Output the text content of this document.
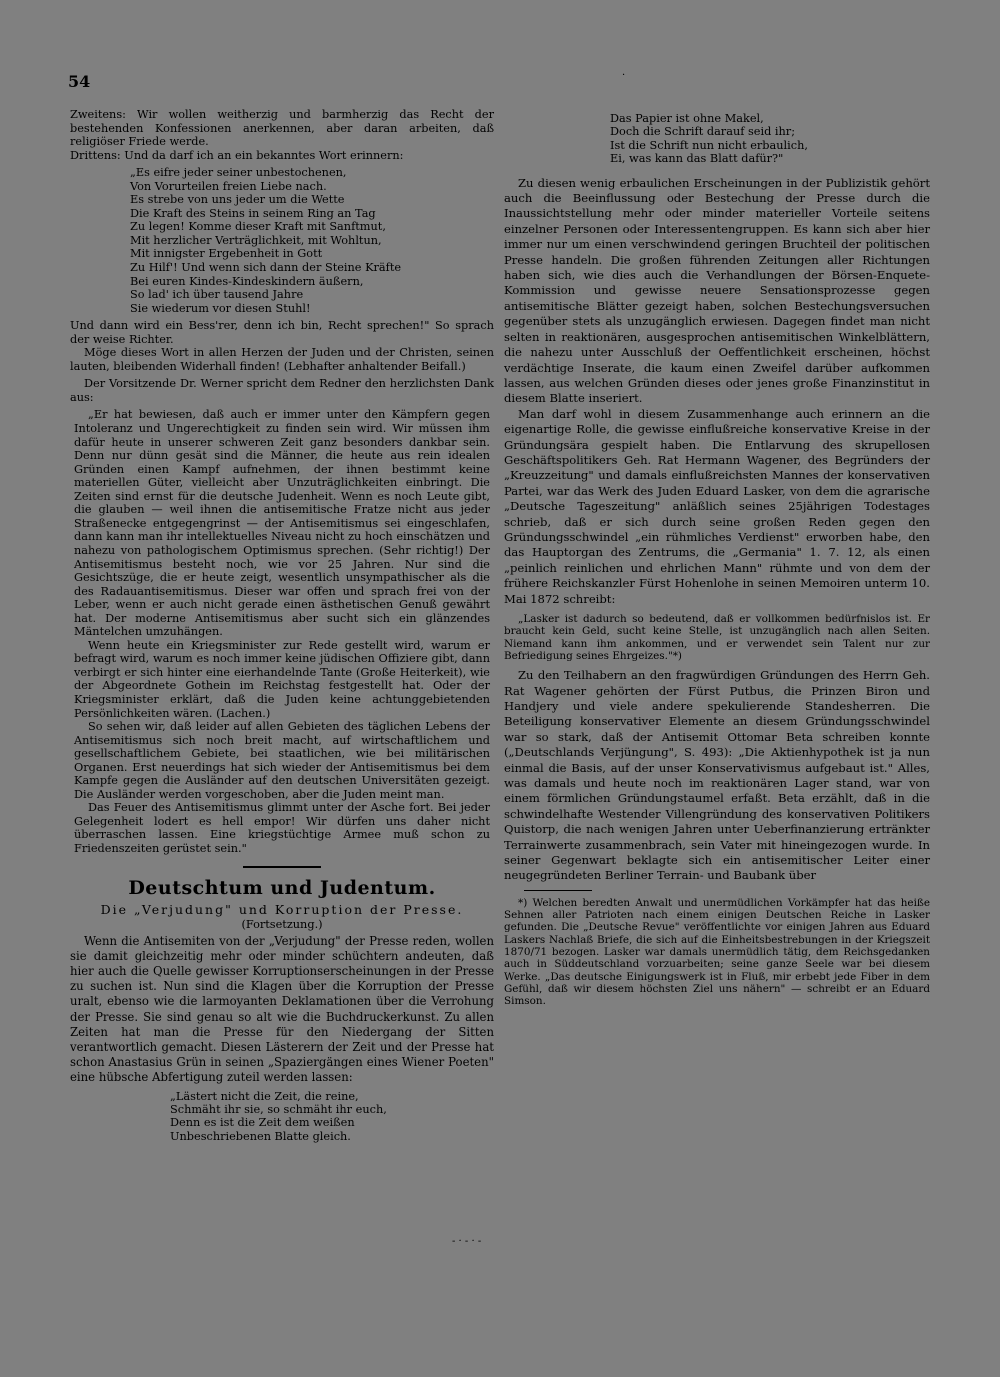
54	·

Zweitens: Wir wollen weitherzig und barmherzig das Recht der bestehenden Konfessionen anerkennen, aber daran arbeiten, daß religiöser Friede werde.

Drittens: Und da darf ich an ein bekanntes Wort erinnern:

„Es eifre jeder seiner unbestochenen,
Von Vorurteilen freien Liebe nach.
Es strebe von uns jeder um die Wette
Die Kraft des Steins in seinem Ring an Tag
Zu legen! Komme dieser Kraft mit Sanftmut,
Mit herzlicher Verträglichkeit, mit Wohltun,
Mit innigster Ergebenheit in Gott
Zu Hilf'! Und wenn sich dann der Steine Kräfte
Bei euren Kindes-Kindeskindern äußern,
So lad' ich über tausend Jahre
Sie wiederum vor diesen Stuhl!

Und dann wird ein Bess'rer, denn ich bin, Recht sprechen!" So sprach der weise Richter.

Möge dieses Wort in allen Herzen der Juden und der Christen, seinen lauten, bleibenden Widerhall finden! (Lebhafter anhaltender Beifall.)

Der Vorsitzende Dr. Werner spricht dem Redner den herzlichsten Dank aus:

„Er hat bewiesen, daß auch er immer unter den Kämpfern gegen Intoleranz und Ungerechtigkeit zu finden sein wird. Wir müssen ihm dafür heute in unserer schweren Zeit ganz besonders dankbar sein. Denn nur dünn gesät sind die Männer, die heute aus rein idealen Gründen einen Kampf aufnehmen, der ihnen bestimmt keine materiellen Güter, vielleicht aber Unzuträglichkeiten einbringt. Die Zeiten sind ernst für die deutsche Judenheit. Wenn es noch Leute gibt, die glauben — weil ihnen die antisemitische Fratze nicht aus jeder Straßenecke entgegengrinst — der Antisemitismus sei eingeschlafen, dann kann man ihr intellektuelles Niveau nicht zu hoch einschätzen und nahezu von pathologischem Optimismus sprechen. (Sehr richtig!) Der Antisemitismus besteht noch, wie vor 25 Jahren. Nur sind die Gesichtszüge, die er heute zeigt, wesentlich unsympathischer als die des Radauantisemitismus. Dieser war offen und sprach frei von der Leber, wenn er auch nicht gerade einen ästhetischen Genuß gewährt hat. Der moderne Antisemitismus aber sucht sich ein glänzendes Mäntelchen umzuhängen.

Wenn heute ein Kriegsminister zur Rede gestellt wird, warum er befragt wird, warum es noch immer keine jüdischen Offiziere gibt, dann verbirgt er sich hinter eine eierhandelnde Tante (Große Heiterkeit), wie der Abgeordnete Gothein im Reichstag festgestellt hat. Oder der Kriegsminister erklärt, daß die Juden keine achtunggebietenden Persönlichkeiten wären. (Lachen.)

So sehen wir, daß leider auf allen Gebieten des täglichen Lebens der Antisemitismus sich noch breit macht, auf wirtschaftlichem und gesellschaftlichem Gebiete, bei staatlichen, wie bei militärischen Organen. Erst neuerdings hat sich wieder der Antisemitismus bei dem Kampfe gegen die Ausländer auf den deutschen Universitäten gezeigt. Die Ausländer werden vorgeschoben, aber die Juden meint man.

Das Feuer des Antisemitismus glimmt unter der Asche fort. Bei jeder Gelegenheit lodert es hell empor! Wir dürfen uns daher nicht überraschen lassen. Eine kriegstüchtige Armee muß schon zu Friedenszeiten gerüstet sein."

Deutschtum und Judentum.
Die „Verjudung" und Korruption der Presse.
(Fortsetzung.)

Wenn die Antisemiten von der „Verjudung" der Presse reden, wollen sie damit gleichzeitig mehr oder minder schüchtern andeuten, daß hier auch die Quelle gewisser Korruptionserscheinungen in der Presse zu suchen ist. Nun sind die Klagen über die Korruption der Presse uralt, ebenso wie die larmoyanten Deklamationen über die Verrohung der Presse. Sie sind genau so alt wie die Buchdruckerkunst. Zu allen Zeiten hat man die Presse für den Niedergang der Sitten verantwortlich gemacht. Diesen Lästerern der Zeit und der Presse hat schon Anastasius Grün in seinen „Spaziergängen eines Wiener Poeten" eine hübsche Abfertigung zuteil werden lassen:

„Lästert nicht die Zeit, die reine,
Schmäht ihr sie, so schmäht ihr euch,
Denn es ist die Zeit dem weißen
Unbeschriebenen Blatte gleich.
- · - · -
Das Papier ist ohne Makel,
Doch die Schrift darauf seid ihr;
Ist die Schrift nun nicht erbaulich,
Ei, was kann das Blatt dafür?"

Zu diesen wenig erbaulichen Erscheinungen in der Publizistik gehört auch die Beeinflussung oder Bestechung der Presse durch die Inaussichtstellung mehr oder minder materieller Vorteile seitens einzelner Personen oder Interessentengruppen. Es kann sich aber hier immer nur um einen verschwindend geringen Bruchteil der politischen Presse handeln. Die großen führenden Zeitungen aller Richtungen haben sich, wie dies auch die Verhandlungen der Börsen-Enquete-Kommission und gewisse neuere Sensationsprozesse gegen antisemitische Blätter gezeigt haben, solchen Bestechungsversuchen gegenüber stets als unzugänglich erwiesen. Dagegen findet man nicht selten in reaktionären, ausgesprochen antisemitischen Winkelblättern, die nahezu unter Ausschluß der Oeffentlichkeit erscheinen, höchst verdächtige Inserate, die kaum einen Zweifel darüber aufkommen lassen, aus welchen Gründen dieses oder jenes große Finanzinstitut in diesem Blatte inseriert.

Man darf wohl in diesem Zusammenhange auch erinnern an die eigenartige Rolle, die gewisse einflußreiche konservative Kreise in der Gründungsära gespielt haben. Die Entlarvung des skrupellosen Geschäftspolitikers Geh. Rat Hermann Wagener, des Begründers der „Kreuzzeitung" und damals einflußreichsten Mannes der konservativen Partei, war das Werk des Juden Eduard Lasker, von dem die agrarische „Deutsche Tageszeitung" anläßlich seines 25jährigen Todestages schrieb, daß er sich durch seine großen Reden gegen den Gründungsschwindel „ein rühmliches Verdienst" erworben habe, den das Hauptorgan des Zentrums, die „Germania" 1. 7. 12, als einen „peinlich reinlichen und ehrlichen Mann" rühmte und von dem der frühere Reichskanzler Fürst Hohenlohe in seinen Memoiren unterm 10. Mai 1872 schreibt:

„Lasker ist dadurch so bedeutend, daß er vollkommen bedürfnislos ist. Er braucht kein Geld, sucht keine Stelle, ist unzugänglich nach allen Seiten. Niemand kann ihm ankommen, und er verwendet sein Talent nur zur Befriedigung seines Ehrgeizes."*)

Zu den Teilhabern an den fragwürdigen Gründungen des Herrn Geh. Rat Wagener gehörten der Fürst Putbus, die Prinzen Biron und Handjery und viele andere spekulierende Standesherren. Die Beteiligung konservativer Elemente an diesem Gründungsschwindel war so stark, daß der Antisemit Ottomar Beta schreiben konnte („Deutschlands Verjüngung", S. 493): „Die Aktienhypothek ist ja nun einmal die Basis, auf der unser Konservativismus aufgebaut ist." Alles, was damals und heute noch im reaktionären Lager stand, war von einem förmlichen Gründungstaumel erfaßt. Beta erzählt, daß in die schwindelhafte Westender Villengründung des konservativen Politikers Quistorp, die nach wenigen Jahren unter Ueberfinanzierung ertränkter Terrainwerte zusammenbrach, sein Vater mit hineingezogen wurde. In seiner Gegenwart beklagte sich ein antisemitischer Leiter einer neugegründeten Berliner Terrain- und Baubank über

*) Welchen beredten Anwalt und unermüdlichen Vorkämpfer hat das heiße Sehnen aller Patrioten nach einem einigen Deutschen Reiche in Lasker gefunden. Die „Deutsche Revue" veröffentlichte vor einigen Jahren aus Eduard Laskers Nachlaß Briefe, die sich auf die Einheitsbestrebungen in der Kriegszeit 1870/71 bezogen. Lasker war damals unermüdlich tätig, dem Reichsgedanken auch in Süddeutschland vorzuarbeiten; seine ganze Seele war bei diesem Werke. „Das deutsche Einigungswerk ist in Fluß, mir erbebt jede Fiber in dem Gefühl, daß wir diesem höchsten Ziel uns nähern" — schreibt er an Eduard Simson.
